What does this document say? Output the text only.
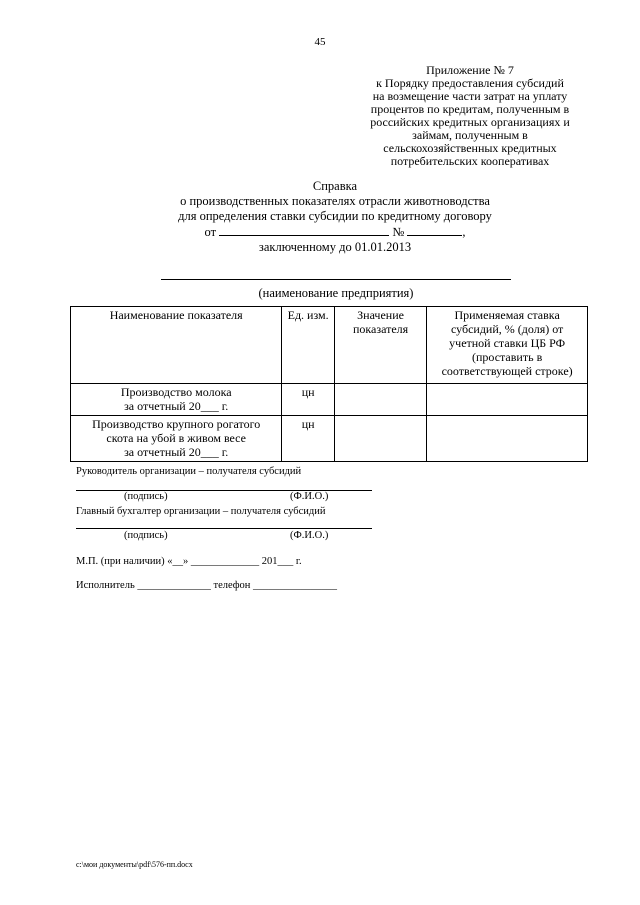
45
Приложение № 7
к Порядку предоставления субсидий
на возмещение части затрат на уплату
процентов по кредитам, полученным в
российских кредитных организациях и
займам, полученным в
сельскохозяйственных кредитных
потребительских кооперативах
Справка
о производственных показателях отрасли животноводства
для определения ставки субсидии по кредитному договору
от	№	,
заключенному до 01.01.2013
(наименование предприятия)
Наименование показателя	Ед. изм.	Значение показателя	Применяемая ставка субсидий, % (доля) от учетной ставки ЦБ РФ (проставить в соответствующей строке)

Производство молока
за отчетный 20___ г.	цн		

Производство крупного рогатого
скота на убой в живом весе
за отчетный 20___ г.	цн		
Руководитель организации – получателя субсидий
(подпись)	(Ф.И.О.)
Главный бухгалтер организации – получателя субсидий
(подпись)	(Ф.И.О.)
М.П. (при наличии) «__» _____________ 201___ г.
Исполнитель ______________ телефон ________________
c:\мои документы\pdf\576-пп.docx
